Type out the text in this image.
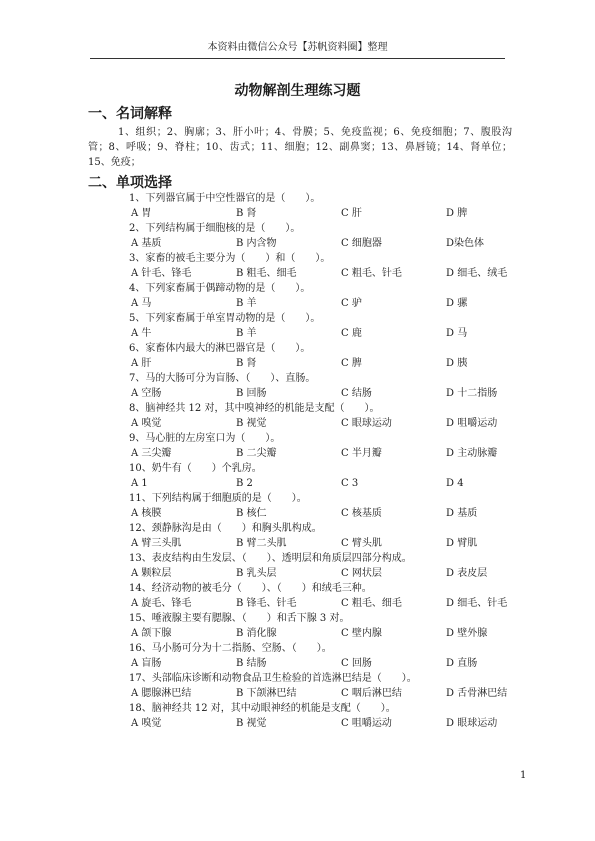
本资料由微信公众号【苏帆资料圈】整理
动物解剖生理练习题
一、名词解释
1、组织；2、胸廓；3、肝小叶；4、骨膜；5、免疫监视；6、免疫细胞；7、腹股沟管；8、呼吸；9、脊柱；10、齿式；11、细胞；12、副鼻窦；13、鼻唇镜；14、肾单位；15、免疫；
二、单项选择
1、下列器官属于中空性器官的是（　　）。
A 胃	B 肾	C 肝	D 脾
2、下列结构属于细胞核的是（　　）。
A 基质	B 内含物	C 细胞器	D染色体
3、家畜的被毛主要分为（　　）和（　　）。
A 针毛、锋毛	B 粗毛、细毛	C 粗毛、针毛	D 细毛、绒毛
4、下列家畜属于偶蹄动物的是（　　）。
A 马	B 羊	C 驴	D 骡
5、下列家畜属于单室胃动物的是（　　）。
A 牛	B 羊	C 鹿	D 马
6、家畜体内最大的淋巴器官是（　　）。
A 肝	B 肾	C 脾	D 胰
7、马的大肠可分为盲肠、（　　）、直肠。
A 空肠	B 回肠	C 结肠	D 十二指肠
8、脑神经共 12 对，其中嗅神经的机能是支配（　　）。
A 嗅觉	B 视觉	C 眼球运动	D 咀嚼运动
9、马心脏的左房室口为（　　）。
A 三尖瓣	B 二尖瓣	C 半月瓣	D 主动脉瓣
10、奶牛有（　　）个乳房。
A 1	B 2	C 3	D 4
11、下列结构属于细胞质的是（　　）。
A 核膜	B 核仁	C 核基质	D 基质
12、颈静脉沟是由（　　）和胸头肌构成。
A 臂三头肌	B 臂二头肌	C 臂头肌	D 臂肌
13、表皮结构由生发层、（　　）、透明层和角质层四部分构成。
A 颗粒层	B 乳头层	C 网状层	D 表皮层
14、经济动物的被毛分（　　）、（　　）和绒毛三种。
A 旋毛、锋毛	B 锋毛、针毛	C 粗毛、细毛	D 细毛、针毛
15、唾液腺主要有腮腺、（　　）和舌下腺 3 对。
A 颌下腺	B 消化腺	C 壁内腺	D 壁外腺
16、马小肠可分为十二指肠、空肠、（　　）。
A 盲肠	B 结肠	C 回肠	D 直肠
17、头部临床诊断和动物食品卫生检验的首选淋巴结是（　　）。
A 腮腺淋巴结	B 下颌淋巴结	C 咽后淋巴结	D 舌骨淋巴结
18、脑神经共 12 对，其中动眼神经的机能是支配（　　）。
A 嗅觉	B 视觉	C 咀嚼运动	D 眼球运动
1
